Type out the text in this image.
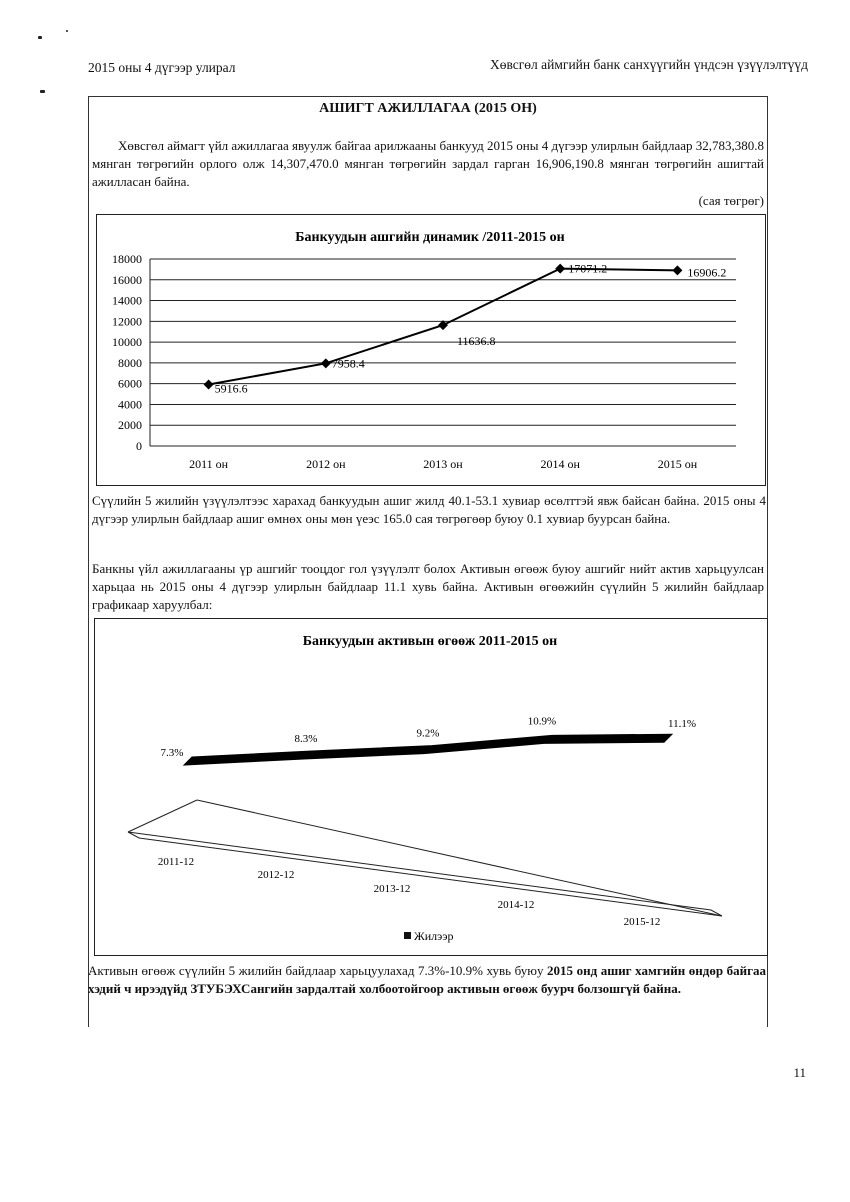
2015 оны 4 дүгээр улирал	Хөвсгөл аймгийн банк санхүүгийн үндсэн үзүүлэлтүүд
АШИГТ АЖИЛЛАГАА (2015 ОН)
Хөвсгөл аймагт үйл ажиллагаа явуулж байгаа арилжааны банкууд 2015 оны 4 дүгээр улирлын байдлаар 32,783,380.8 мянган төгрөгийн орлого олж 14,307,470.0 мянган төгрөгийн зардал гарган 16,906,190.8 мянган төгрөгийн ашигтай ажилласан байна.
(сая төгрөг)
Банкуудын ашгийн динамик /2011-2015 он
0
2000
4000
6000
8000
10000
12000
14000
16000
18000
2011 он	2012 он	2013 он	2014 он	2015 он
5916.6
7958.4
11636.8
17071.2	16906.2
Сүүлийн 5 жилийн үзүүлэлтээс харахад банкуудын ашиг жилд 40.1-53.1 хувиар өсөлттэй явж байсан байна. 2015 оны 4 дүгээр улирлын байдлаар ашиг өмнөх оны мөн үеэс 165.0 сая төгрөгөөр буюу 0.1 хувиар буурсан байна.
Банкны үйл ажиллагааны үр ашгийг тооцдог гол үзүүлэлт болох Активын өгөөж буюу ашгийг нийт актив харьцуулсан харьцаа нь 2015 оны 4 дүгээр улирлын байдлаар 11.1 хувь байна. Активын өгөөжийн сүүлийн 5 жилийн байдлаар графикаар харуулбал:
Банкуудын активын өгөөж 2011-2015 он
7.3%
8.3%	9.2%
10.9%	11.1%
2011-12
2012-12
2013-12
2014-12
2015-12
Жилээр
Активын өгөөж сүүлийн 5 жилийн байдлаар харьцуулахад 7.3%-10.9% хувь буюу 2015 онд ашиг хамгийн өндөр байгаа хэдий ч ирээдүйд ЗТУБЭХСангийн зардалтай холбоотойгоор активын өгөөж буурч болзошгүй байна.
11
